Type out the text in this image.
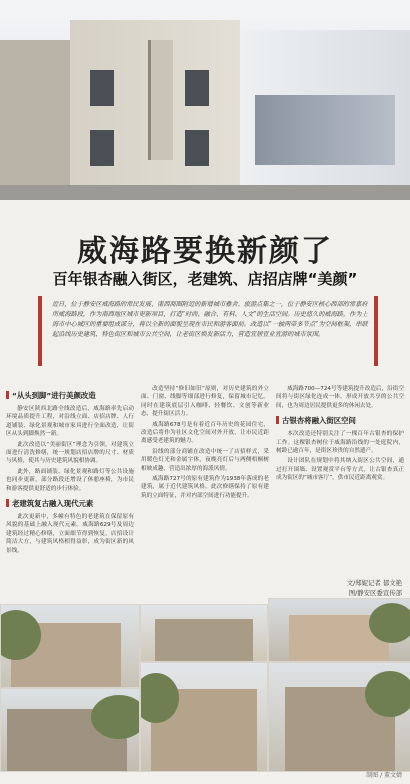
威海路要换新颜了
百年银杏融入街区，老建筑、店招店牌“美颜”
近日，位于静安区威海路的常民发展、南西商圈附近的新增城市雅舍、旅游点集之一，位于静安区核心西部的常嘉府所威海路段，作为南西地区城市更新项目，打造“时尚、融合、有料、人文”的生活空间。历史悠久的威海路，作为上海市中心城区的重要组成部分，将以全新的面貌呈现在市民和游客面前。改造以“一轴两带多节点”为空间框架，串联起沿线历史建筑、特色街区和城市公共空间，让老街区焕发新活力，营造宜居宜业宜游的城市氛围。
“从头到脚”进行美颜改造

静安区陕西北路全线改造后，威海路率先启动环境品质提升工程，对沿线立面、店招店牌、人行道铺装、绿化景观和城市家具进行全面改造，让街区从头到脚焕然一新。

此次改造以“美丽街区”理念为引领，对建筑立面进行清洗修缮，统一规划店招店牌的尺寸、材质与风格，使其与历史建筑风貌相协调。

此外，路面铺装、绿化景观和路灯等公共设施也同步更新，部分路段还增设了休憩座椅，为市民和游客提供更舒适的步行体验。

老建筑复古融入现代元素

此次更新中，多幢有特色的老建筑在保留原有风貌的基础上融入现代元素。威海路629号及周边建筑经过精心修缮，立面细节得到恢复，店招设计简洁大方，与建筑风格相得益彰，成为街区新的风景线。

改造坚持“修旧如旧”原则，对历史建筑的外立面、门窗、线脚等细部进行修复，保留城市记忆。同时在建筑底层引入咖啡、轻餐饮、文创等新业态，提升街区活力。

威海路678号是有着近百年历史的花园住宅，改造后将作为社区文化空间对外开放，让市民近距离感受老建筑的魅力。

沿线的部分商铺在改造中统一了店招样式，采用暖色灯光和金属字体，夜晚亮灯后与两侧梧桐树相映成趣，营造出浓厚的海派风情。

威海路727号的原有建筑作为1938年落成的老建筑，属于近代建筑风格。此次修缮保持了原有建筑的立面特征，并对内部空间进行功能提升。

威海路700—724号等建筑提升改造后，沿街空间将与街区绿化连成一体，形成开放共享的公共空间，也为周边居民提供更多的休闲去处。

古银杏将融入街区空间

本次改造还特别关注了一棵百年古银杏的保护工作。这棵银杏树位于威海路沿线的一处庭院内，树龄已逾百年，是街区珍贵的自然遗产。

设计团队在规划中将其纳入街区公共空间，通过打开围墙、设置观赏平台等方式，让古银杏真正成为街区的“城市客厅”，供市民近距离观赏。

文/郑妮记者 郁文艳
图/静安区委宣传部
制图 / 董文婧
